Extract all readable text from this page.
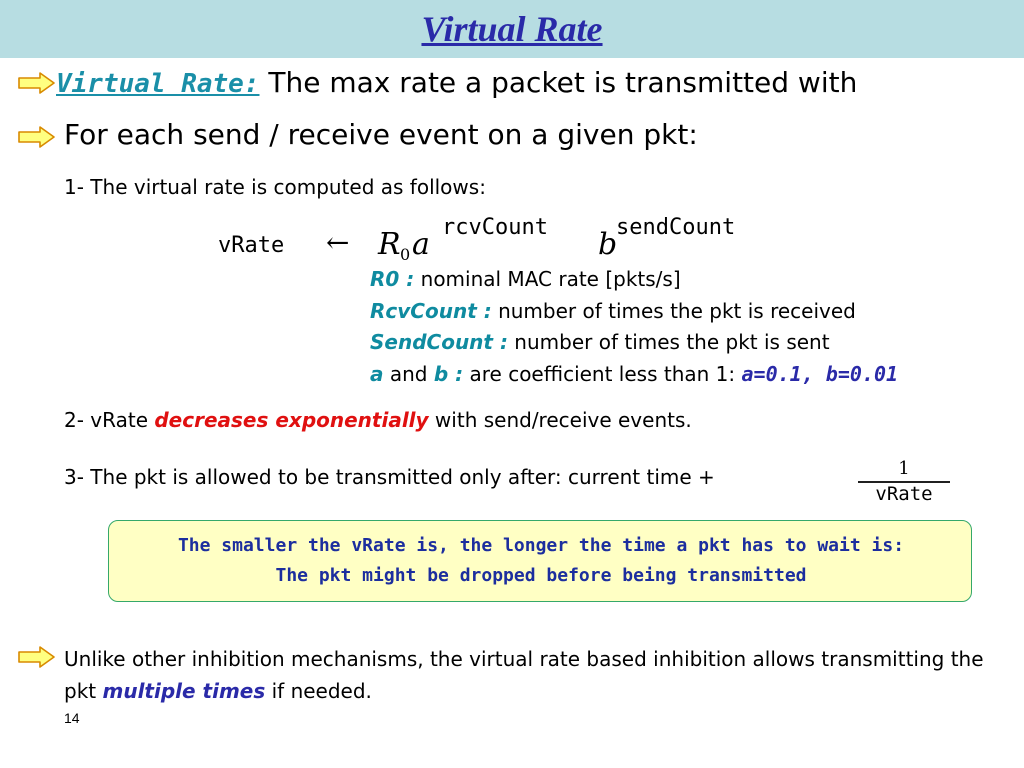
Virtual Rate
Virtual Rate: The max rate a packet is transmitted with
For each send / receive event on a given pkt:
1- The virtual rate is computed as follows:
vRate ← R 0 a rcvCount b
sendCount
R0 : nominal MAC rate [pkts/s]
RcvCount : number of times the pkt is received
SendCount : number of times the pkt is sent
a and b : are coefficient less than 1: a=0.1, b=0.01
2- vRate decreases exponentially with send/receive events.
3- The pkt is allowed to be transmitted only after: current time +	1
vRate
The smaller the vRate is, the longer the time a pkt has to wait is:
The pkt might be dropped before being transmitted
Unlike other inhibition mechanisms, the virtual rate based inhibition allows transmitting the pkt multiple times if needed.
14
